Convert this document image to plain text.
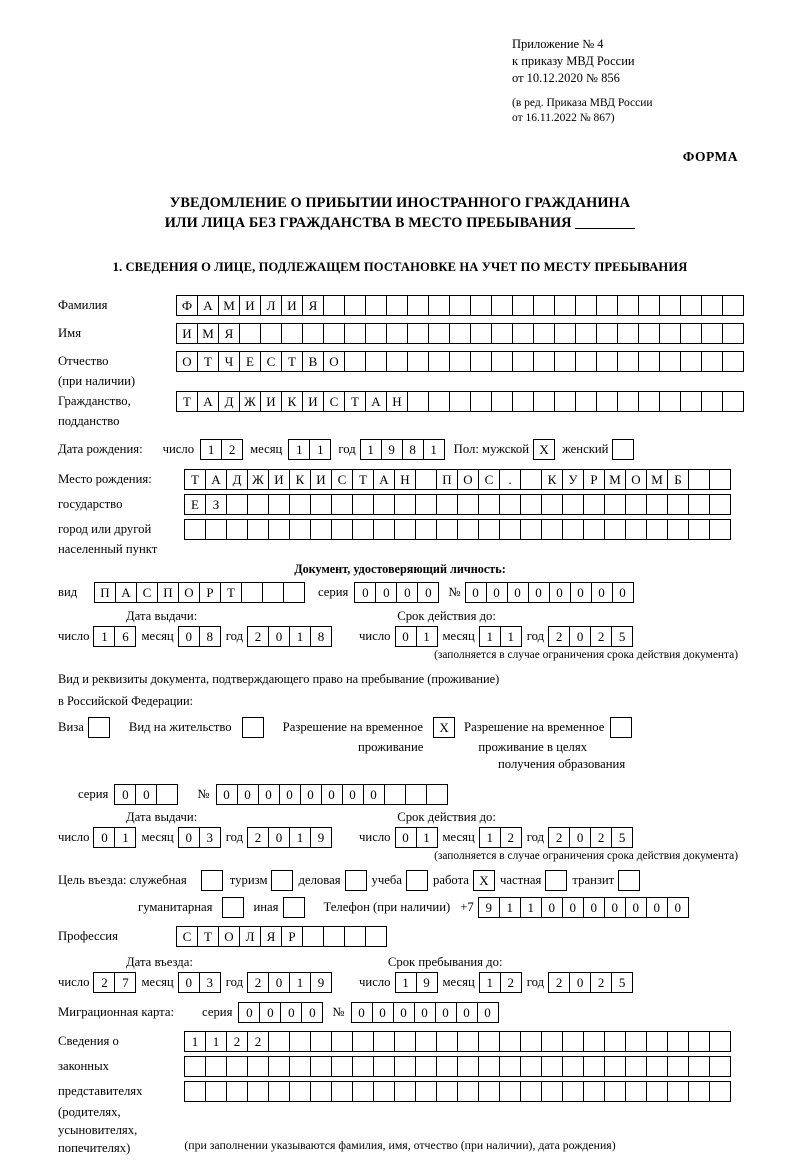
Приложение № 4
к приказу МВД России
от 10.12.2020 № 856
(в ред. Приказа МВД России
от 16.11.2022 № 867)
ФОРМА
УВЕДОМЛЕНИЕ О ПРИБЫТИИ ИНОСТРАННОГО ГРАЖДАНИНА
ИЛИ ЛИЦА БЕЗ ГРАЖДАНСТВА В МЕСТО ПРЕБЫВАНИЯ
1. СВЕДЕНИЯ О ЛИЦЕ, ПОДЛЕЖАЩЕМ ПОСТАНОВКЕ НА УЧЕТ ПО МЕСТУ ПРЕБЫВАНИЯ
Фамилия	Ф А М И Л И Я
Имя	И М Я
Отчество	О Т Ч Е С Т В О
(при наличии)
Гражданство,	Т А Д Ж И К И С Т А Н
подданство
Дата рождения: число	1	2	месяц	1	1	год 1	9	8	1	Пол: мужской X	женский
Место рождения:	Т А Д Ж И К И С Т А Н	П О С	.	К У Р М О М Б
государство	Е	З
город или другой
населенный пункт
Документ, удостоверяющий личность:
вид	П А С П О Р	Т	серия	0	0	0	0	№ 0	0	0	0	0	0	0	0
Дата выдачи:	Срок действия до:
число 1	6	месяц 0	8	год 2	0	1	8	число 0	1	месяц 1	1	год 2	0	2	5
(заполняется в случае ограничения срока действия документа)
Вид и реквизиты документа, подтверждающего право на пребывание (проживание)
в Российской Федерации:
Виза	Вид на жительство	Разрешение на временное	X	Разрешение на временное
проживание	проживание в целях
получения образования
серия	0	0	№	0	0	0	0	0	0	0	0
Дата выдачи:	Срок действия до:
число 0	1	месяц 0	3	год 2	0	1	9	число 0	1	месяц 1	2	год 2	0	2	5
(заполняется в случае ограничения срока действия документа)
Цель въезда: служебная	туризм деловая учеба работа X частная транзит
гуманитарная	иная	Телефон (при наличии) +7 9	1	1	0	0	0	0	0	0	0
Профессия	С Т О Л Я	Р
Дата въезда:	Срок пребывания до:
число 2	7	месяц 0	3	год 2	0	1	9	число 1	9	месяц 1	2	год 2	0	2	5
Миграционная карта: серия	0	0	0	0	№	0	0	0	0	0	0	0
Сведения о	1	1	2	2
законных
представителях
(родителях,
усыновителях,
попечителях)	(при заполнении указываются фамилия, имя, отчество (при наличии), дата рождения)
